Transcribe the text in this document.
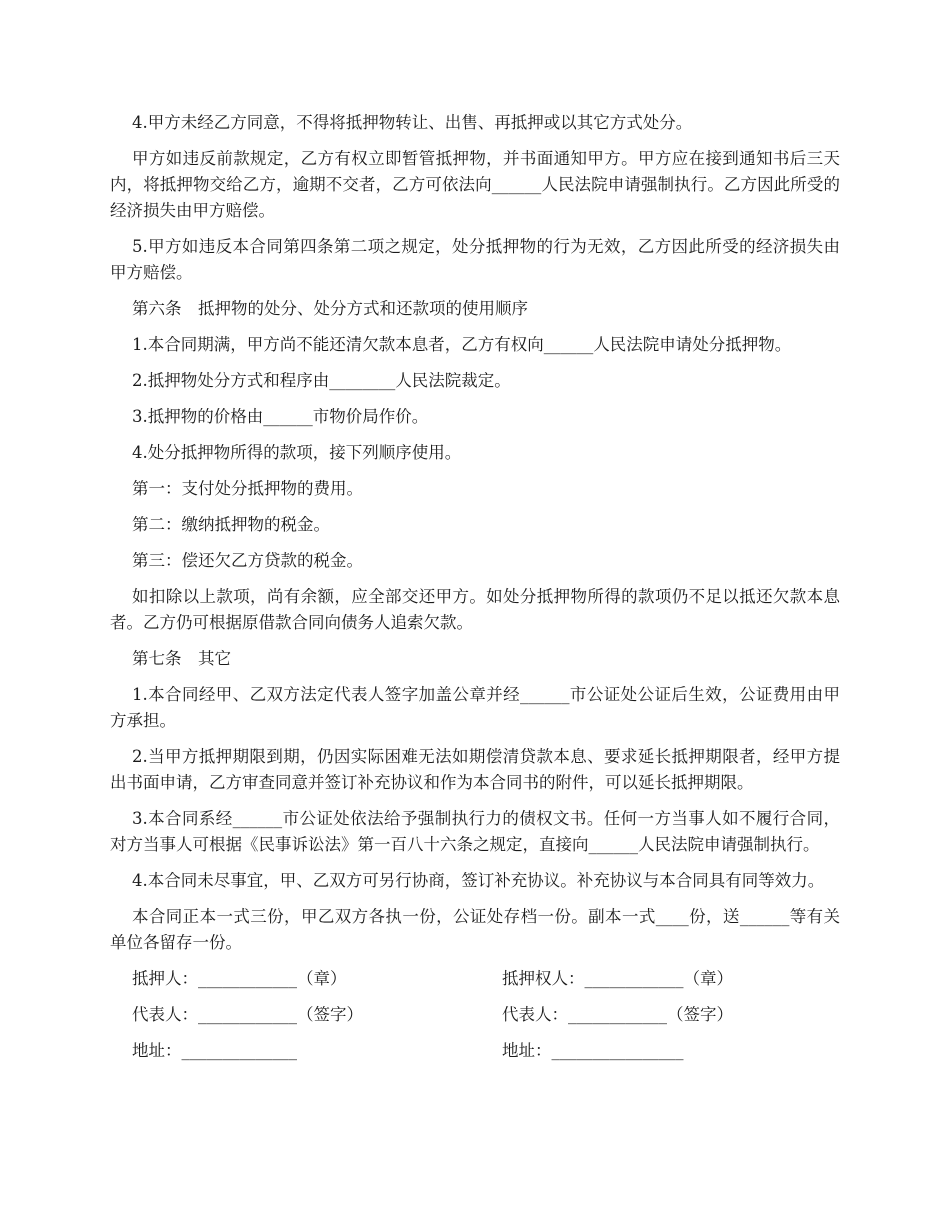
4.甲方未经乙方同意，不得将抵押物转让、出售、再抵押或以其它方式处分。

甲方如违反前款规定，乙方有权立即暂管抵押物，并书面通知甲方。甲方应在接到通知书后三天内，将抵押物交给乙方，逾期不交者，乙方可依法向______人民法院申请强制执行。乙方因此所受的经济损失由甲方赔偿。

5.甲方如违反本合同第四条第二项之规定，处分抵押物的行为无效，乙方因此所受的经济损失由甲方赔偿。

第六条　抵押物的处分、处分方式和还款项的使用顺序

1.本合同期满，甲方尚不能还清欠款本息者，乙方有权向______人民法院申请处分抵押物。

2.抵押物处分方式和程序由________人民法院裁定。

3.抵押物的价格由______市物价局作价。

4.处分抵押物所得的款项，接下列顺序使用。

第一：支付处分抵押物的费用。

第二：缴纳抵押物的税金。

第三：偿还欠乙方贷款的税金。

如扣除以上款项，尚有余额，应全部交还甲方。如处分抵押物所得的款项仍不足以抵还欠款本息者。乙方仍可根据原借款合同向债务人追索欠款。

第七条　其它

1.本合同经甲、乙双方法定代表人签字加盖公章并经______市公证处公证后生效，公证费用由甲方承担。

2.当甲方抵押期限到期，仍因实际困难无法如期偿清贷款本息、要求延长抵押期限者，经甲方提出书面申请，乙方审查同意并签订补充协议和作为本合同书的附件，可以延长抵押期限。

3.本合同系经______市公证处依法给予强制执行力的债权文书。任何一方当事人如不履行合同，对方当事人可根据《民事诉讼法》第一百八十六条之规定，直接向______人民法院申请强制执行。

4.本合同未尽事宜，甲、乙双方可另行协商，签订补充协议。补充协议与本合同具有同等效力。

本合同正本一式三份，甲乙双方各执一份，公证处存档一份。副本一式____份，送______等有关单位各留存一份。

抵押人：____________（章）	抵押权人：____________（章）
代表人：____________（签字）	代表人：____________（签字）
地址：______________	地址：________________
